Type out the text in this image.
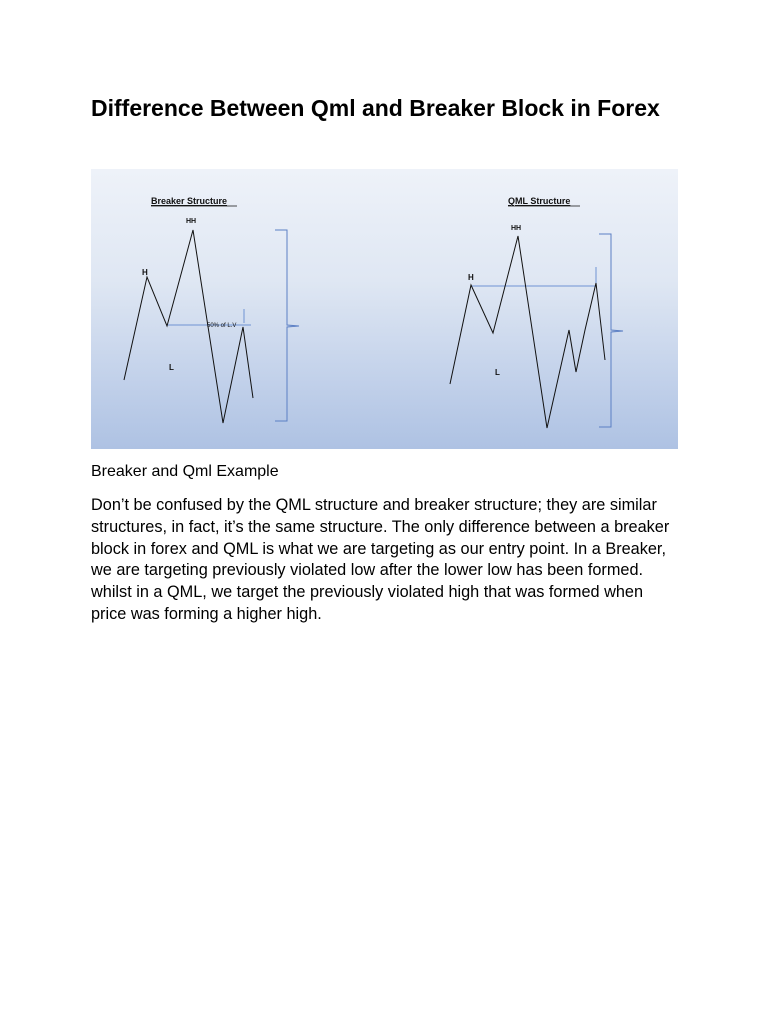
Difference Between Qml and Breaker Block in Forex
Breaker Structure
HH
H
L
50% of L.V
QML Structure
HH
H
L

Breaker and Qml Example

Don’t be confused by the QML structure and breaker structure; they are similar structures, in fact, it’s the same structure. The only difference between a breaker block in forex and QML is what we are targeting as our entry point. In a Breaker, we are targeting previously violated low after the lower low has been formed. whilst in a QML, we target the previously violated high that was formed when price was forming a higher high.
